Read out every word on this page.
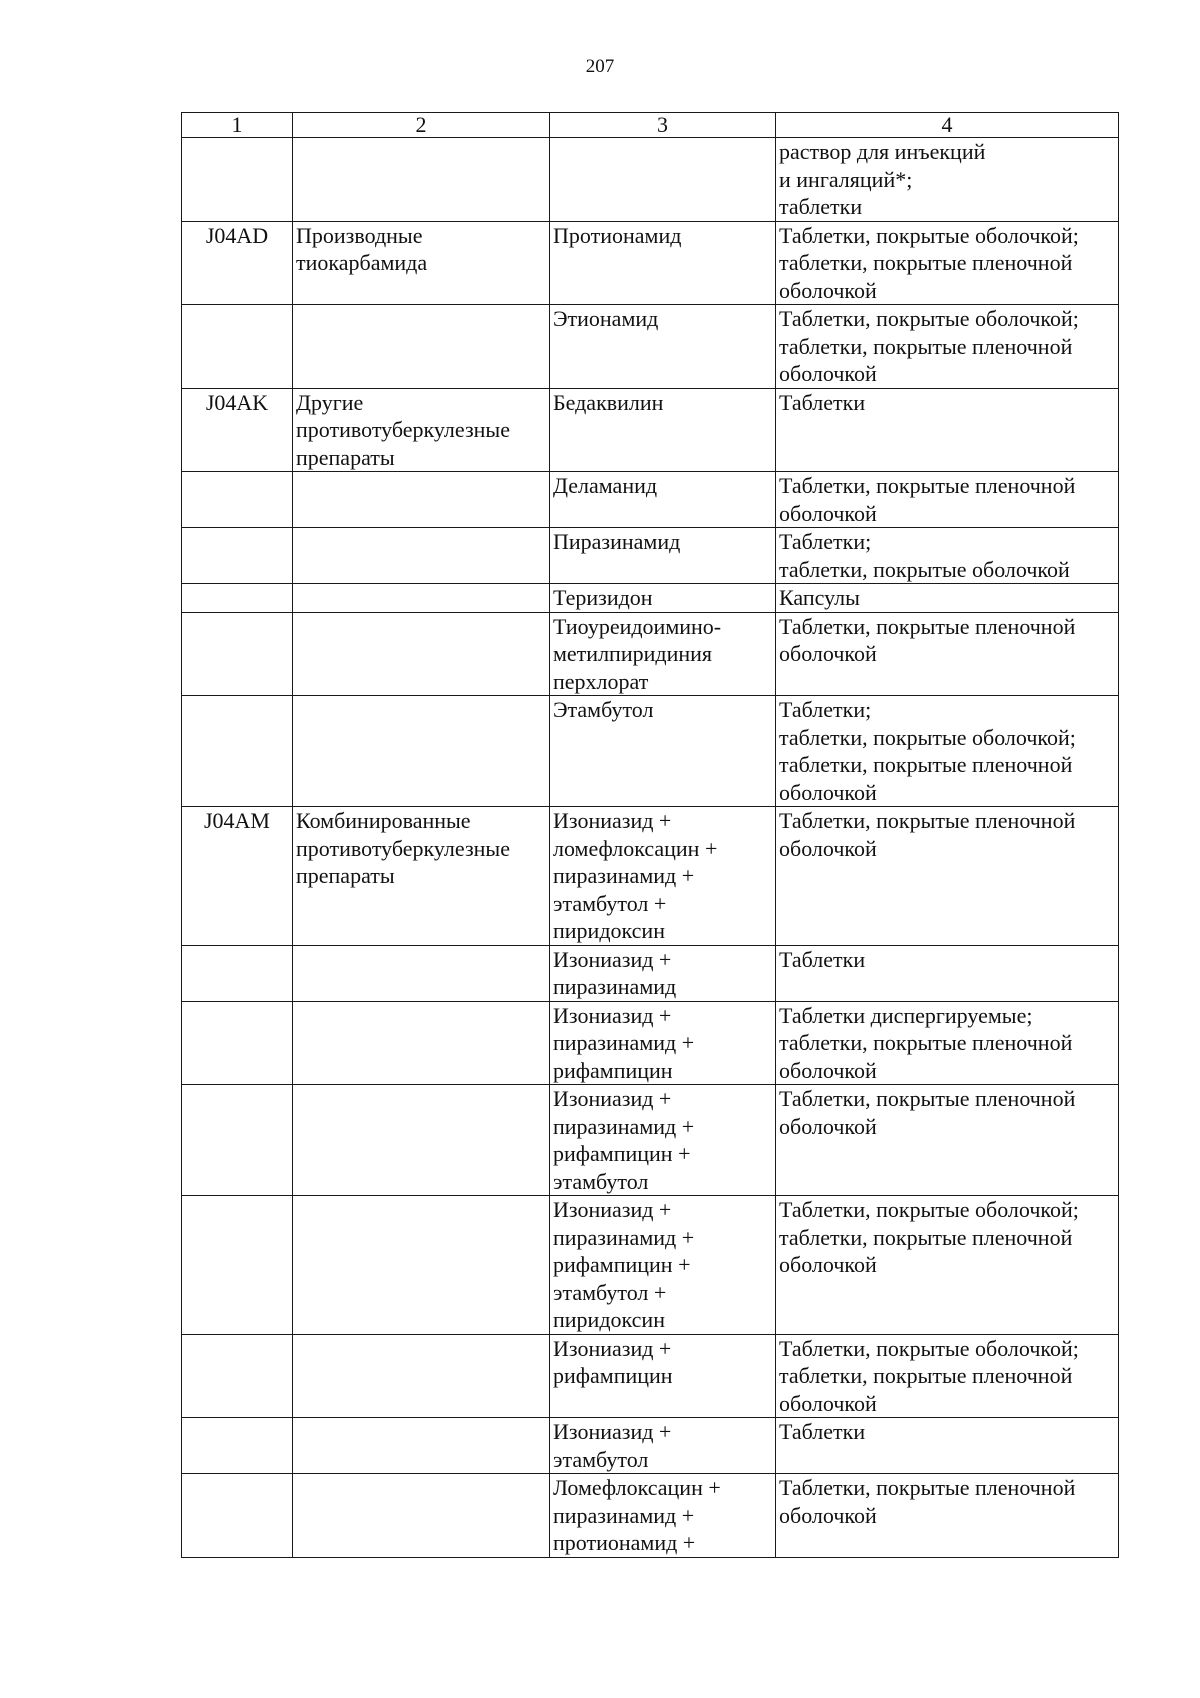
207
1	2	3	4

			раствор для инъекций
и ингаляций*;
таблетки

J04AD	Производные
тиокарбамида	Протионамид	Таблетки, покрытые оболочкой;
таблетки, покрытые пленочной
оболочкой

		Этионамид	Таблетки, покрытые оболочкой;
таблетки, покрытые пленочной
оболочкой

J04AK	Другие
противотуберкулезные
препараты	Бедаквилин	Таблетки

		Деламанид	Таблетки, покрытые пленочной
оболочкой

		Пиразинамид	Таблетки;
таблетки, покрытые оболочкой

		Теризидон	Капсулы

		Тиоуреидоимино-
метилпиридиния
перхлорат	Таблетки, покрытые пленочной
оболочкой

		Этамбутол	Таблетки;
таблетки, покрытые оболочкой;
таблетки, покрытые пленочной
оболочкой

J04AM	Комбинированные
противотуберкулезные
препараты	Изониазид +
ломефлоксацин +
пиразинамид +
этамбутол +
пиридоксин	Таблетки, покрытые пленочной
оболочкой

		Изониазид +
пиразинамид	Таблетки

		Изониазид +
пиразинамид +
рифампицин	Таблетки диспергируемые;
таблетки, покрытые пленочной
оболочкой

		Изониазид +
пиразинамид +
рифампицин +
этамбутол	Таблетки, покрытые пленочной
оболочкой

		Изониазид +
пиразинамид +
рифампицин +
этамбутол +
пиридоксин	Таблетки, покрытые оболочкой;
таблетки, покрытые пленочной
оболочкой

		Изониазид +
рифампицин	Таблетки, покрытые оболочкой;
таблетки, покрытые пленочной
оболочкой

		Изониазид +
этамбутол	Таблетки

		Ломефлоксацин +
пиразинамид +
протионамид +	Таблетки, покрытые пленочной
оболочкой
